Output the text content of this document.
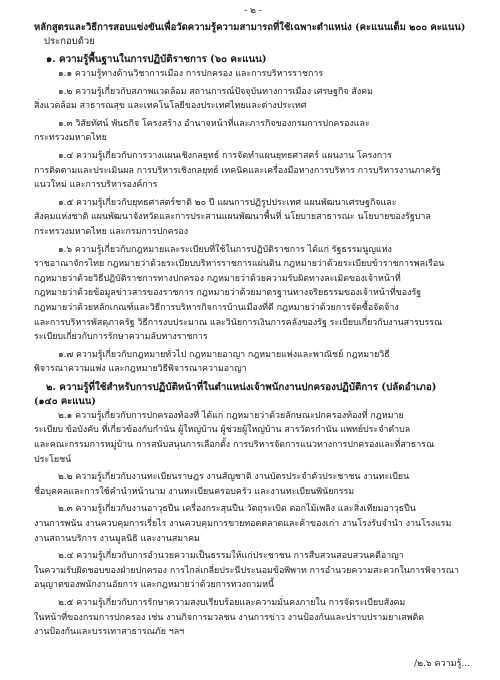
- ๒ -
หลักสูตรและวิธีการสอบแข่งขันเพื่อวัดความรู้ความสามารถที่ใช้เฉพาะตำแหน่ง (คะแนนเต็ม ๒๐๐ คะแนน)
ประกอบด้วย
๑. ความรู้พื้นฐานในการปฏิบัติราชการ (๖๐ คะแนน)
๑.๑ ความรู้ทางด้านวิชาการเมือง การปกครอง และการบริหารราชการ
๑.๒ ความรู้เกี่ยวกับสภาพแวดล้อม สถานการณ์ปัจจุบันทางการเมือง เศรษฐกิจ สังคม
สิ่งแวดล้อม สาธารณสุข และเทคโนโลยีของประเทศไทยและต่างประเทศ
๑.๓ วิสัยทัศน์ พันธกิจ โครงสร้าง อำนาจหน้าที่และภารกิจของกรมการปกครองและ
กระทรวงมหาดไทย
๑.๔ ความรู้เกี่ยวกับการวางแผนเชิงกลยุทธ์ การจัดทำแผนยุทธศาสตร์ แผนงาน โครงการ
การติดตามและประเมินผล การบริหารเชิงกลยุทธ์ เทคนิคและเครื่องมือทางการบริหาร การบริหารงานภาครัฐ
แนวใหม่ และการบริหารองค์การ
๑.๕ ความรู้เกี่ยวกับยุทธศาสตร์ชาติ ๒๐ ปี แผนการปฏิรูปประเทศ แผนพัฒนาเศรษฐกิจและ
สังคมแห่งชาติ แผนพัฒนาจังหวัดและการประสานแผนพัฒนาพื้นที่ นโยบายสาธารณะ นโยบายของรัฐบาล
กระทรวงมหาดไทย และกรมการปกครอง
๑.๖ ความรู้เกี่ยวกับกฎหมายและระเบียบที่ใช้ในการปฏิบัติราชการ ได้แก่ รัฐธรรมนูญแห่ง
ราชอาณาจักรไทย กฎหมายว่าด้วยระเบียบบริหารราชการแผ่นดิน กฎหมายว่าด้วยระเบียบข้าราชการพลเรือน
กฎหมายว่าด้วยวิธีปฏิบัติราชการทางปกครอง กฎหมายว่าด้วยความรับผิดทางละเมิดของเจ้าหน้าที่
กฎหมายว่าด้วยข้อมูลข่าวสารของราชการ กฎหมายว่าด้วยมาตรฐานทางจริยธรรมของเจ้าหน้าที่ของรัฐ
กฎหมายว่าด้วยหลักเกณฑ์และวิธีการบริหารกิจการบ้านเมืองที่ดี กฎหมายว่าด้วยการจัดซื้อจัดจ้าง
และการบริหารพัสดุภาครัฐ วิธีการงบประมาณ และวินัยการเงินการคลังของรัฐ ระเบียบเกี่ยวกับงานสารบรรณ
ระเบียบเกี่ยวกับการรักษาความลับทางราชการ
๑.๗ ความรู้เกี่ยวกับกฎหมายทั่วไป กฎหมายอาญา กฎหมายแพ่งและพาณิชย์ กฎหมายวิธี
พิจารณาความแพ่ง และกฎหมายวิธีพิจารณาความอาญา
๒. ความรู้ที่ใช้สำหรับการปฏิบัติหน้าที่ในตำแหน่งเจ้าพนักงานปกครองปฏิบัติการ (ปลัดอำเภอ)
(๑๔๐ คะแนน)
๒.๑ ความรู้เกี่ยวกับการปกครองท้องที่ ได้แก่ กฎหมายว่าด้วยลักษณะปกครองท้องที่ กฎหมาย
ระเบียบ ข้อบังคับ ที่เกี่ยวข้องกับกำนัน ผู้ใหญ่บ้าน ผู้ช่วยผู้ใหญ่บ้าน สารวัตรกำนัน แพทย์ประจำตำบล
และคณะกรรมการหมู่บ้าน การสนับสนุนการเลือกตั้ง การบริหารจัดการแนวทางการปกครองและที่สาธารณ
ประโยชน์
๒.๒ ความรู้เกี่ยวกับงานทะเบียนราษฎร งานสัญชาติ งานบัตรประจำตัวประชาชน งานทะเบียน
ชื่อบุคคลและการใช้คำนำหน้านาม งานทะเบียนครอบครัว และงานทะเบียนพินัยกรรม
๒.๓ ความรู้เกี่ยวกับงานอาวุธปืน เครื่องกระสุนปืน วัตถุระเบิด ดอกไม้เพลิง และสิ่งเทียมอาวุธปืน
งานการพนัน งานควบคุมการเรี่ยไร งานควบคุมการขายทอดตลาดและค้าของเก่า งานโรงรับจำนำ งานโรงแรม
งานสถานบริการ งานมูลนิธิ และงานสมาคม
๒.๔ ความรู้เกี่ยวกับการอำนวยความเป็นธรรมให้แก่ประชาชน การสืบสวนสอบสวนคดีอาญา
ในความรับผิดชอบของฝ่ายปกครอง การไกล่เกลี่ยประนีประนอมข้อพิพาท การอำนวยความสะดวกในการพิจารณา
อนุญาตของพนักงานอัยการ และกฎหมายว่าด้วยการทวงถามหนี้
๒.๕ ความรู้เกี่ยวกับการรักษาความสงบเรียบร้อยและความมั่นคงภายใน การจัดระเบียบสังคม
ในหน้าที่ของกรมการปกครอง เช่น งานกิจการมวลชน งานการข่าว งานป้องกันและปราบปรามยาเสพติด
งานป้องกันและบรรเทาสาธารณภัย ฯลฯ
/๒.๖ ความรู้...
